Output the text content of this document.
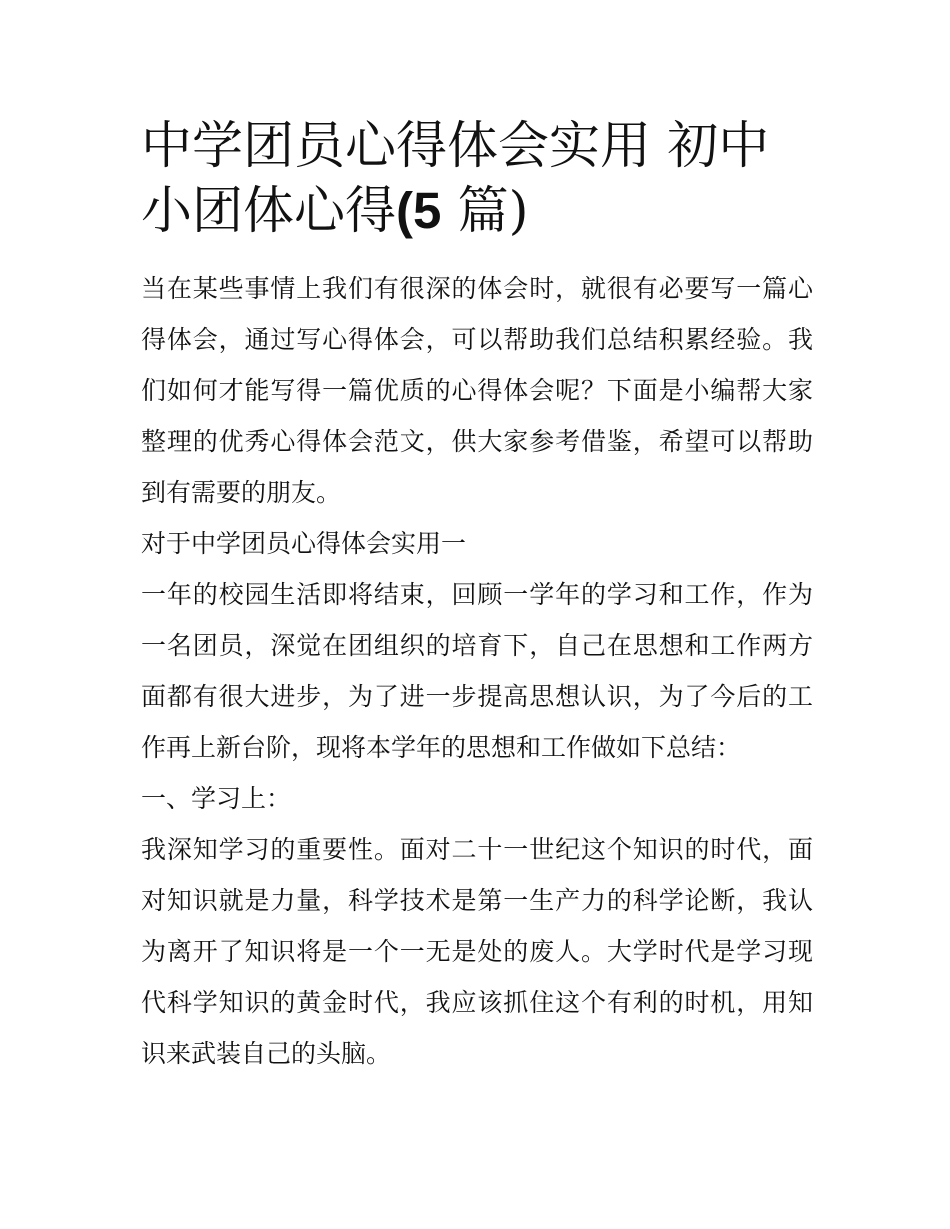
中学团员心得体会实用 初中小团体心得(5 篇)

当在某些事情上我们有很深的体会时，就很有必要写一篇心得体会，通过写心得体会，可以帮助我们总结积累经验。我们如何才能写得一篇优质的心得体会呢？下面是小编帮大家整理的优秀心得体会范文，供大家参考借鉴，希望可以帮助到有需要的朋友。

对于中学团员心得体会实用一

一年的校园生活即将结束，回顾一学年的学习和工作，作为一名团员，深觉在团组织的培育下，自己在思想和工作两方面都有很大进步，为了进一步提高思想认识，为了今后的工作再上新台阶，现将本学年的思想和工作做如下总结：

一、学习上：

我深知学习的重要性。面对二十一世纪这个知识的时代，面对知识就是力量，科学技术是第一生产力的科学论断，我认为离开了知识将是一个一无是处的废人。大学时代是学习现代科学知识的黄金时代，我应该抓住这个有利的时机，用知识来武装自己的头脑。
